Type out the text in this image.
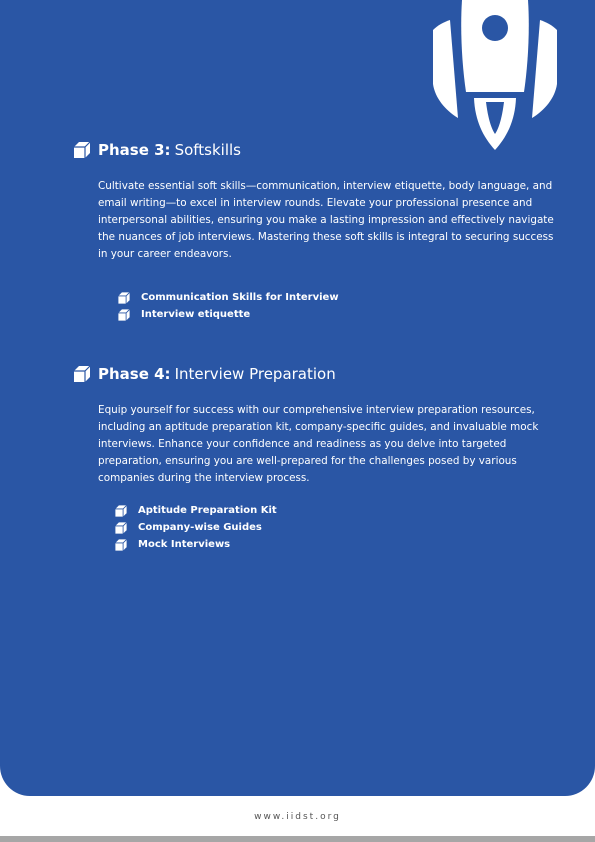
Phase 3: Softskills

Cultivate essential soft skills—communication, interview etiquette, body language, and email writing—to excel in interview rounds. Elevate your professional presence and interpersonal abilities, ensuring you make a lasting impression and effectively navigate the nuances of job interviews. Mastering these soft skills is integral to securing success in your career endeavors.

Communication Skills for Interview
Interview etiquette
Phase 4: Interview Preparation

Equip yourself for success with our comprehensive interview preparation resources, including an aptitude preparation kit, company-specific guides, and invaluable mock interviews. Enhance your confidence and readiness as you delve into targeted preparation, ensuring you are well-prepared for the challenges posed by various companies during the interview process.

Aptitude Preparation Kit
Company-wise Guides
Mock Interviews
www.iidst.org
